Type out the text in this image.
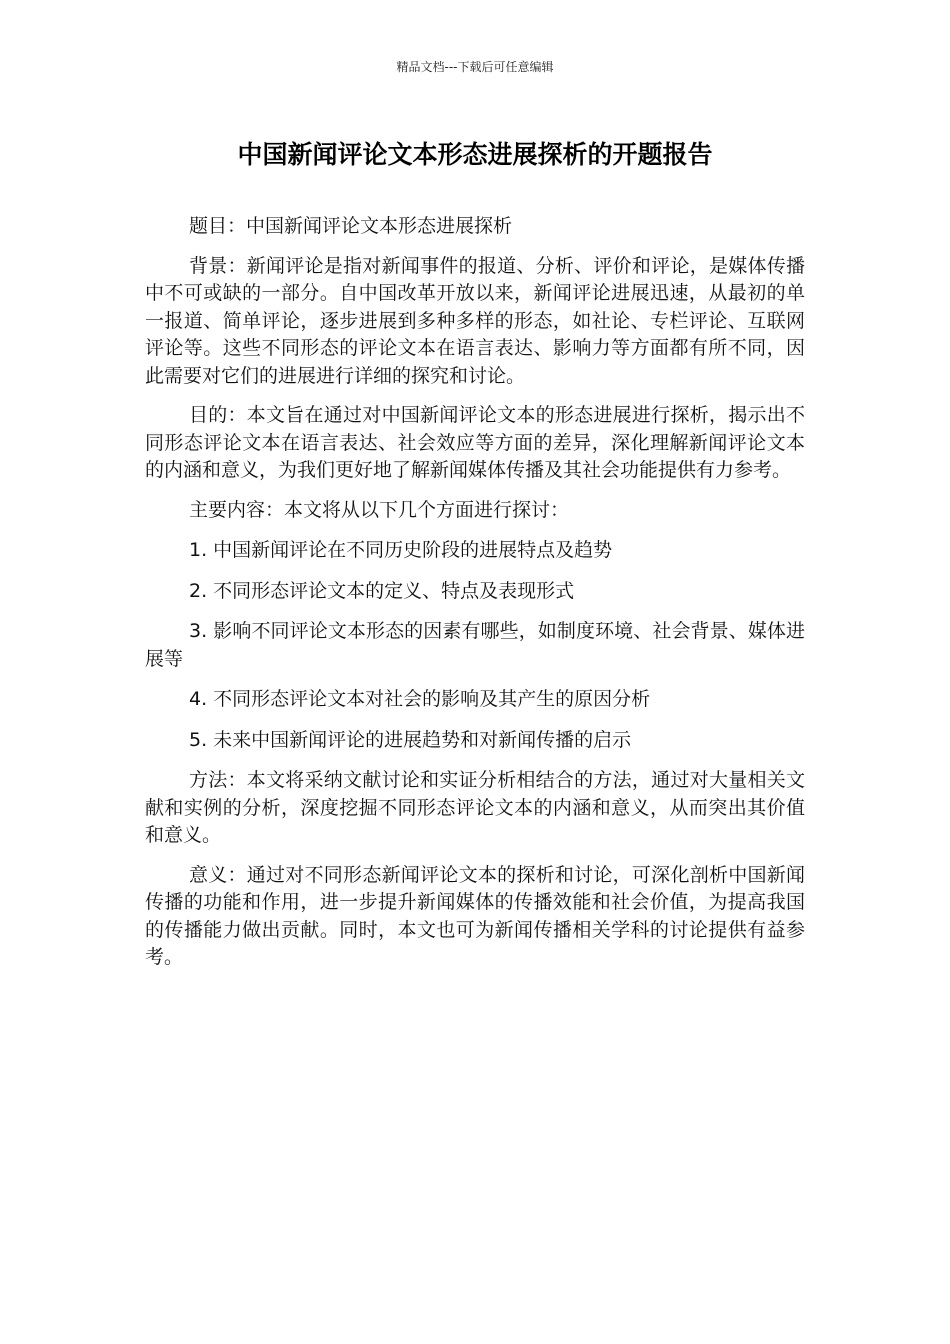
精品文档---下载后可任意编辑
中国新闻评论文本形态进展探析的开题报告

题目：中国新闻评论文本形态进展探析

背景：新闻评论是指对新闻事件的报道、分析、评价和评论，是媒体传播中不可或缺的一部分。自中国改革开放以来，新闻评论进展迅速，从最初的单一报道、简单评论，逐步进展到多种多样的形态，如社论、专栏评论、互联网评论等。这些不同形态的评论文本在语言表达、影响力等方面都有所不同，因此需要对它们的进展进行详细的探究和讨论。

目的：本文旨在通过对中国新闻评论文本的形态进展进行探析，揭示出不同形态评论文本在语言表达、社会效应等方面的差异，深化理解新闻评论文本的内涵和意义，为我们更好地了解新闻媒体传播及其社会功能提供有力参考。

主要内容：本文将从以下几个方面进行探讨：

1. 中国新闻评论在不同历史阶段的进展特点及趋势

2. 不同形态评论文本的定义、特点及表现形式

3. 影响不同评论文本形态的因素有哪些，如制度环境、社会背景、媒体进展等

4. 不同形态评论文本对社会的影响及其产生的原因分析

5. 未来中国新闻评论的进展趋势和对新闻传播的启示

方法：本文将采纳文献讨论和实证分析相结合的方法，通过对大量相关文献和实例的分析，深度挖掘不同形态评论文本的内涵和意义，从而突出其价值和意义。

意义：通过对不同形态新闻评论文本的探析和讨论，可深化剖析中国新闻传播的功能和作用，进一步提升新闻媒体的传播效能和社会价值，为提高我国的传播能力做出贡献。同时，本文也可为新闻传播相关学科的讨论提供有益参考。
